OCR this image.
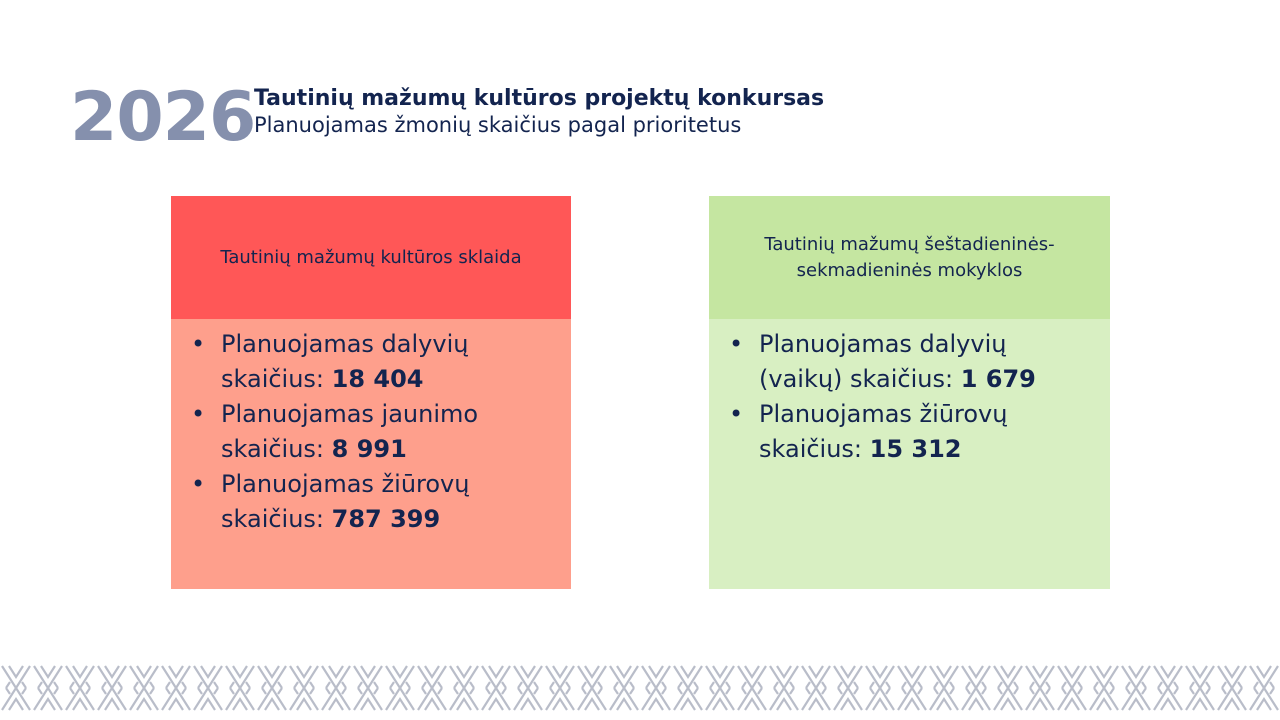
2026
Tautinių mažumų kultūros projektų konkursas
Planuojamas žmonių skaičius pagal prioritetus
Tautinių mažumų kultūros sklaida
• Planuojamas dalyvių skaičius: 18 404
• Planuojamas jaunimo skaičius: 8 991
• Planuojamas žiūrovų skaičius: 787 399
Tautinių mažumų šeštadieninės-sekmadieninės mokyklos
• Planuojamas dalyvių (vaikų) skaičius: 1 679
• Planuojamas žiūrovų skaičius: 15 312
